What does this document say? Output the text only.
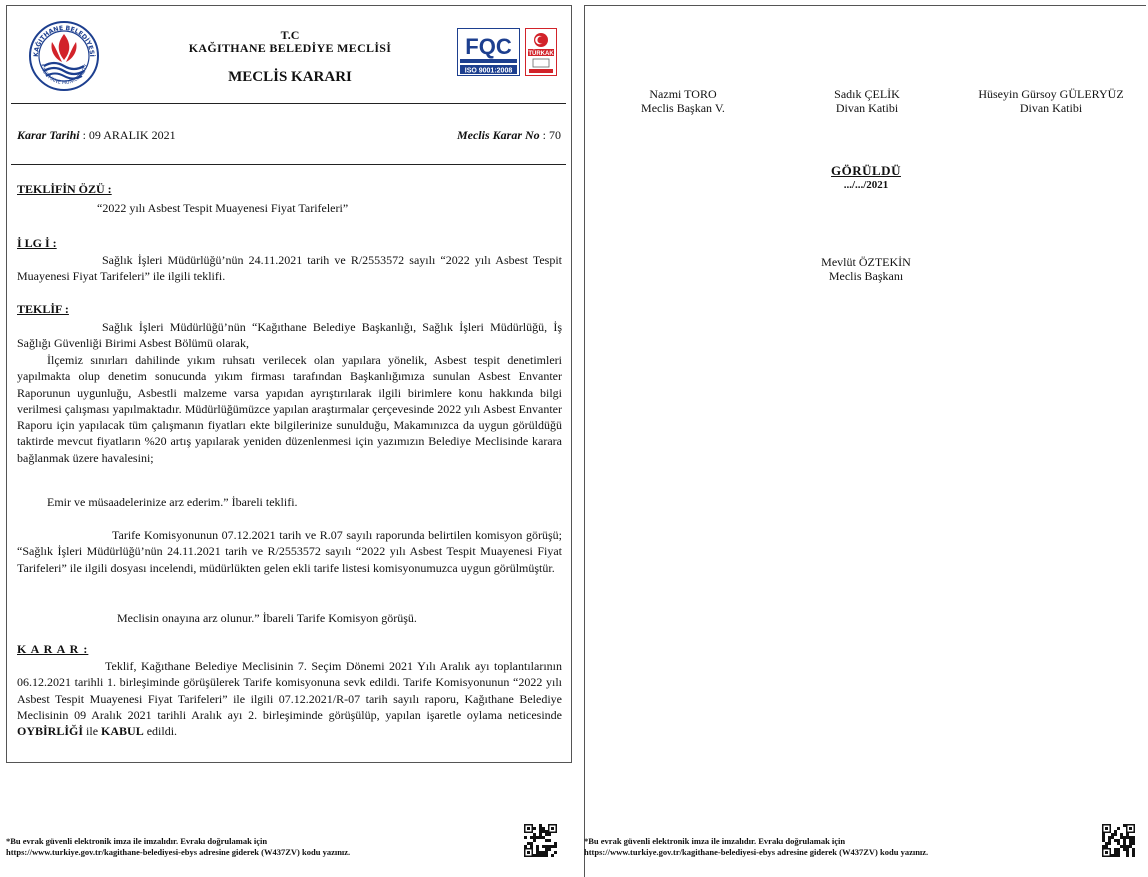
KAĞITHANE BELEDİYESİ
KAGITHANE MUNICIPALITY
T.C
KAĞITHANE BELEDİYE MECLİSİ
MECLİS KARARI
FQC
ISO 9001:2008
TÜRKAK
Karar Tarihi : 09 ARALIK 2021	Meclis Karar No : 70
TEKLİFİN ÖZÜ :
“2022 yılı Asbest Tespit Muayenesi Fiyat Tarifeleri”
İ LG İ :
Sağlık İşleri Müdürlüğü’nün 24.11.2021 tarih ve R/2553572 sayılı “2022 yılı Asbest Tespit Muayenesi Fiyat Tarifeleri” ile ilgili teklifi.
TEKLİF :
Sağlık İşleri Müdürlüğü’nün “Kağıthane Belediye Başkanlığı, Sağlık İşleri Müdürlüğü, İş Sağlığı Güvenliği Birimi Asbest Bölümü olarak,
İlçemiz sınırları dahilinde yıkım ruhsatı verilecek olan yapılara yönelik, Asbest tespit denetimleri yapılmakta olup denetim sonucunda yıkım firması tarafından Başkanlığımıza sunulan Asbest Envanter Raporunun uygunluğu, Asbestli malzeme varsa yapıdan ayrıştırılarak ilgili birimlere konu hakkında bilgi verilmesi çalışması yapılmaktadır. Müdürlüğümüzce yapılan araştırmalar çerçevesinde 2022 yılı Asbest Envanter Raporu için yapılacak tüm çalışmanın fiyatları ekte bilgilerinize sunulduğu, Makamınızca da uygun görüldüğü taktirde mevcut fiyatların %20 artış yapılarak yeniden düzenlenmesi için yazımızın Belediye Meclisinde karara bağlanmak üzere havalesini;
Emir ve müsaadelerinize arz ederim.” İbareli teklifi.
Tarife Komisyonunun 07.12.2021 tarih ve R.07 sayılı raporunda belirtilen komisyon görüşü; “Sağlık İşleri Müdürlüğü’nün 24.11.2021 tarih ve R/2553572 sayılı “2022 yılı Asbest Tespit Muayenesi Fiyat Tarifeleri” ile ilgili dosyası incelendi, müdürlükten gelen ekli tarife listesi komisyonumuzca uygun görülmüştür.
Meclisin onayına arz olunur.” İbareli Tarife Komisyon görüşü.
K A R A R :
Teklif, Kağıthane Belediye Meclisinin 7. Seçim Dönemi 2021 Yılı Aralık ayı toplantılarının 06.12.2021 tarihli 1. birleşiminde görüşülerek Tarife komisyonuna sevk edildi. Tarife Komisyonunun “2022 yılı Asbest Tespit Muayenesi Fiyat Tarifeleri” ile ilgili 07.12.2021/R-07 tarih sayılı raporu, Kağıthane Belediye Meclisinin 09 Aralık 2021 tarihli Aralık ayı 2. birleşiminde görüşülüp, yapılan işaretle oylama neticesinde OYBİRLİĞİ ile KABUL edildi.
Nazmi TORO
Meclis Başkan V.
Sadık ÇELİK
Divan Katibi
Hüseyin Gürsoy GÜLERYÜZ
Divan Katibi
GÖRÜLDÜ
.../.../2021
Mevlüt ÖZTEKİN
Meclis Başkanı
*Bu evrak güvenli elektronik imza ile imzalıdır. Evrakı doğrulamak için
https://www.turkiye.gov.tr/kagithane-belediyesi-ebys adresine giderek (W437ZV) kodu yazınız.
*Bu evrak güvenli elektronik imza ile imzalıdır. Evrakı doğrulamak için
https://www.turkiye.gov.tr/kagithane-belediyesi-ebys adresine giderek (W437ZV) kodu yazınız.
